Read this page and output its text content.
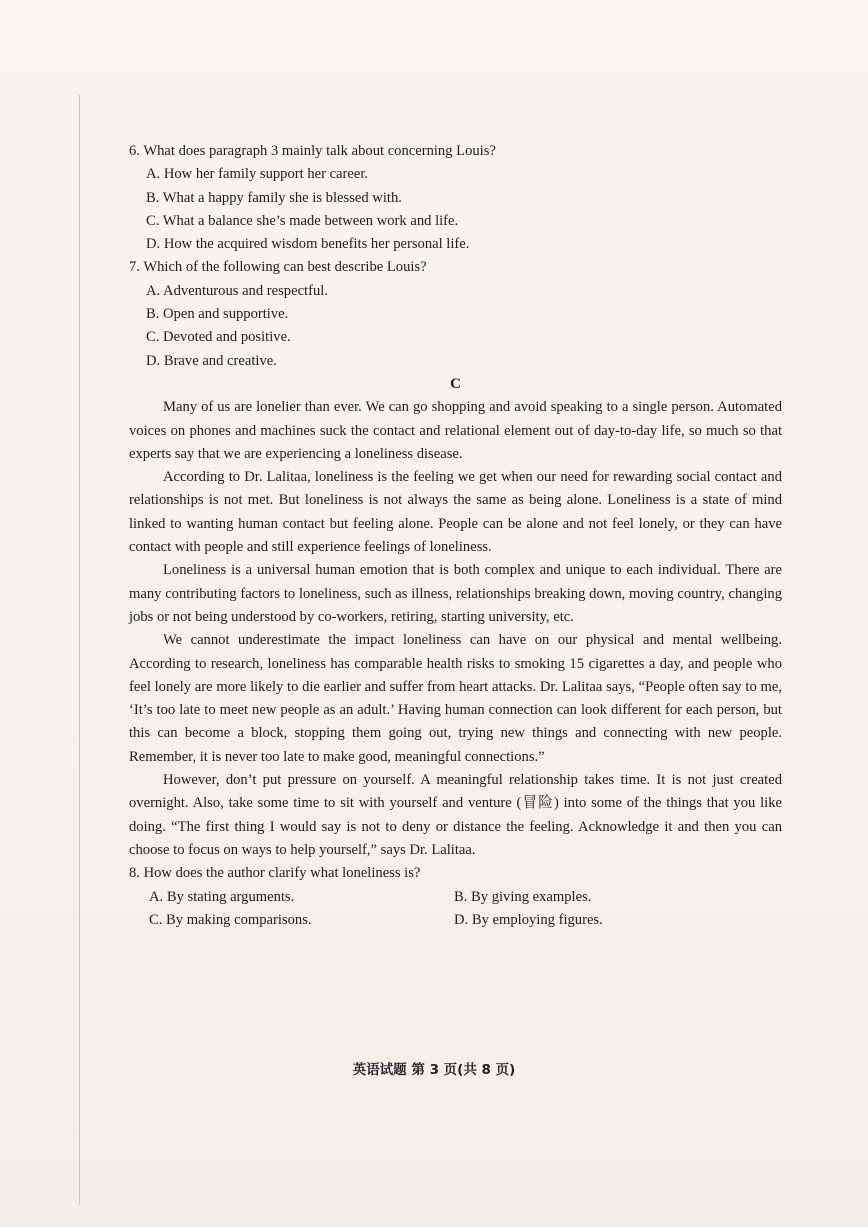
6. What does paragraph 3 mainly talk about concerning Louis?
A. How her family support her career.
B. What a happy family she is blessed with.
C. What a balance she’s made between work and life.
D. How the acquired wisdom benefits her personal life.
7. Which of the following can best describe Louis?
A. Adventurous and respectful.
B. Open and supportive.
C. Devoted and positive.
D. Brave and creative.
C

Many of us are lonelier than ever. We can go shopping and avoid speaking to a single person. Automated voices on phones and machines suck the contact and relational element out of day-to-day life, so much so that experts say that we are experiencing a loneliness disease.

According to Dr. Lalitaa, loneliness is the feeling we get when our need for rewarding social contact and relationships is not met. But loneliness is not always the same as being alone. Loneliness is a state of mind linked to wanting human contact but feeling alone. People can be alone and not feel lonely, or they can have contact with people and still experience feelings of loneliness.

Loneliness is a universal human emotion that is both complex and unique to each individual. There are many contributing factors to loneliness, such as illness, relationships breaking down, moving country, changing jobs or not being understood by co-workers, retiring, starting university, etc.

We cannot underestimate the impact loneliness can have on our physical and mental wellbeing. According to research, loneliness has comparable health risks to smoking 15 cigarettes a day, and people who feel lonely are more likely to die earlier and suffer from heart attacks. Dr. Lalitaa says, “People often say to me, ‘It’s too late to meet new people as an adult.’ Having human connection can look different for each person, but this can become a block, stopping them going out, trying new things and connecting with new people. Remember, it is never too late to make good, meaningful connections.”

However, don’t put pressure on yourself. A meaningful relationship takes time. It is not just created overnight. Also, take some time to sit with yourself and venture (冒险) into some of the things that you like doing. “The first thing I would say is not to deny or distance the feeling. Acknowledge it and then you can choose to focus on ways to help yourself,” says Dr. Lalitaa.

8. How does the author clarify what loneliness is?
A. By stating arguments.	B. By giving examples.
C. By making comparisons.	D. By employing figures.
英语试题 第 3 页(共 8 页)
